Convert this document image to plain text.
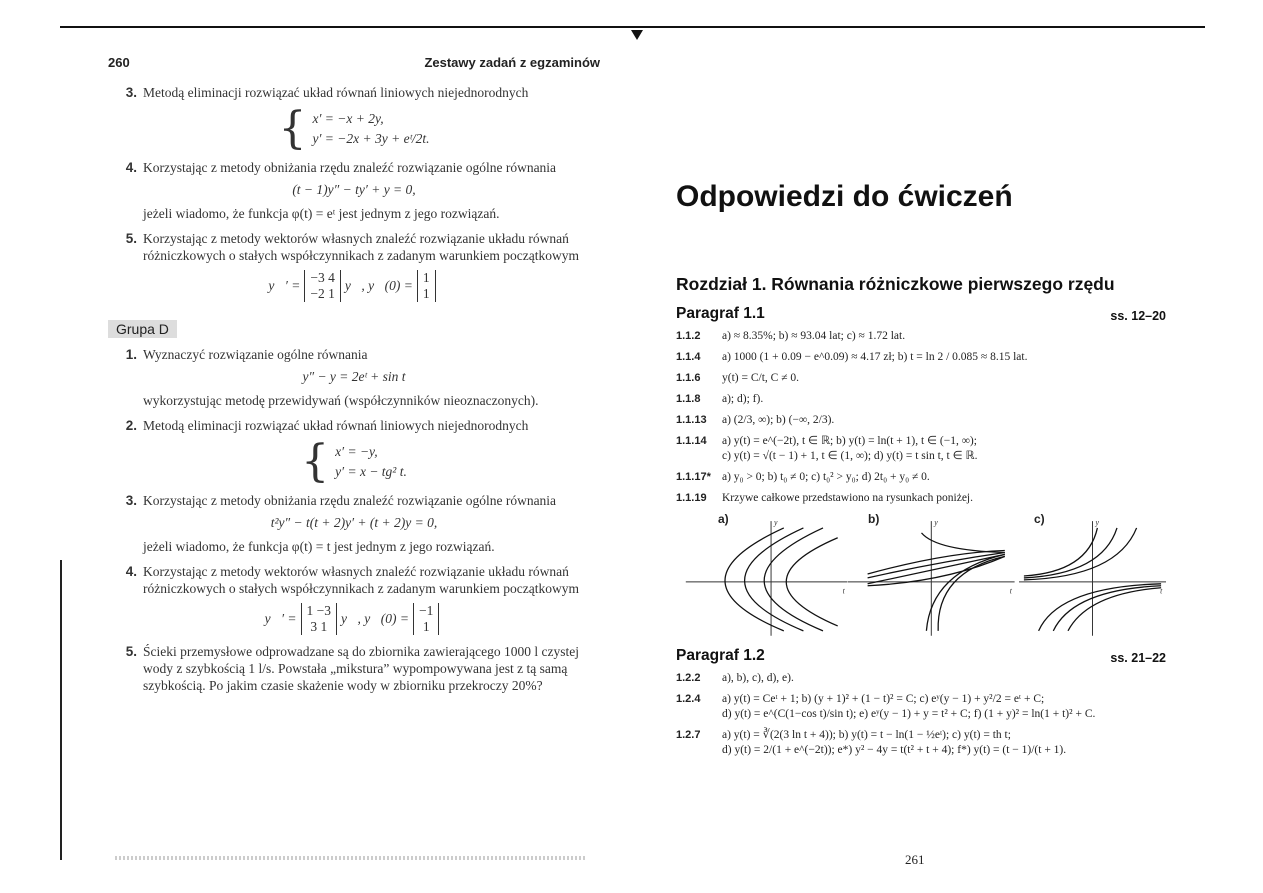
260	Zestawy zadań z egzaminów
3. Metodą eliminacji rozwiązać układ równań liniowych niejednorodnych
{ x′ = −x + 2y,
y′ = −2x + 3y + eᵗ/2t.
4. Korzystając z metody obniżania rzędu znaleźć rozwiązanie ogólne równania
(t − 1)y″ − ty′ + y = 0,
jeżeli wiadomo, że funkcja φ(t) = eᵗ jest jednym z jego rozwiązań.
5. Korzystając z metody wektorów własnych znaleźć rozwiązanie układu równań różniczkowych o stałych współczynnikach z zadanym warunkiem początkowym
y⃗′ =
−3 4
−2 1
y⃗, y⃗(0) =
1
1
Grupa D
1. Wyznaczyć rozwiązanie ogólne równania
y″ − y = 2eᵗ + sin t
wykorzystując metodę przewidywań (współczynników nieoznaczonych).
2. Metodą eliminacji rozwiązać układ równań liniowych niejednorodnych
{ x′ = −y,
y′ = x − tg² t.
3. Korzystając z metody obniżania rzędu znaleźć rozwiązanie ogólne równania
t²y″ − t(t + 2)y′ + (t + 2)y = 0,
jeżeli wiadomo, że funkcja φ(t) = t jest jednym z jego rozwiązań.
4. Korzystając z metody wektorów własnych znaleźć rozwiązanie układu równań różniczkowych o stałych współczynnikach z zadanym warunkiem początkowym
y⃗′ =
1 −3
3 1
y⃗, y⃗(0) =
−1
1
5. Ścieki przemysłowe odprowadzane są do zbiornika zawierającego 1000 l czystej wody z szybkością 1 l/s. Powstała „mikstura” wypompowywana jest z tą samą szybkością. Po jakim czasie skażenie wody w zbiorniku przekroczy 20%?
Odpowiedzi do ćwiczeń
Rozdział 1. Równania różniczkowe pierwszego rzędu
Paragraf 1.1	ss. 12–20
1.1.2 a) ≈ 8.35%; b) ≈ 93.04 lat; c) ≈ 1.72 lat.
1.1.4 a) 1000 (1 + 0.09 − e^0.09) ≈ 4.17 zł; b) t = ln 2 / 0.085 ≈ 8.15 lat.
1.1.6 y(t) = C/t, C ≠ 0.
1.1.8 a); d); f).
1.1.13 a) (2/3, ∞); b) (−∞, 2/3).
1.1.14 a) y(t) = e^(−2t), t ∈ ℝ; b) y(t) = ln(t + 1), t ∈ (−1, ∞);
c) y(t) = √(t − 1) + 1, t ∈ (1, ∞); d) y(t) = t sin t, t ∈ ℝ.
1.1.17* a) y₀ > 0; b) t₀ ≠ 0; c) t₀² > y₀; d) 2t₀ + y₀ ≠ 0.
1.1.19 Krzywe całkowe przedstawiono na rysunkach poniżej.
a)	b)	c)
y
t
y
t
y
t
Paragraf 1.2	ss. 21–22
1.2.2 a), b), c), d), e).
1.2.4 a) y(t) = Ceᵗ + 1; b) (y + 1)² + (1 − t)² = C; c) eʸ(y − 1) + y²/2 = eᵗ + C;
d) y(t) = e^(C(1−cos t)/sin t); e) eʸ(y − 1) + y = t² + C; f) (1 + y)² = ln(1 + t)² + C.
1.2.7 a) y(t) = ∛(2(3 ln t + 4)); b) y(t) = t − ln(1 − ½eᵗ); c) y(t) = th t;
d) y(t) = 2/(1 + e^(−2t)); e*) y² − 4y = t(t² + t + 4); f*) y(t) = (t − 1)/(t + 1).
261
